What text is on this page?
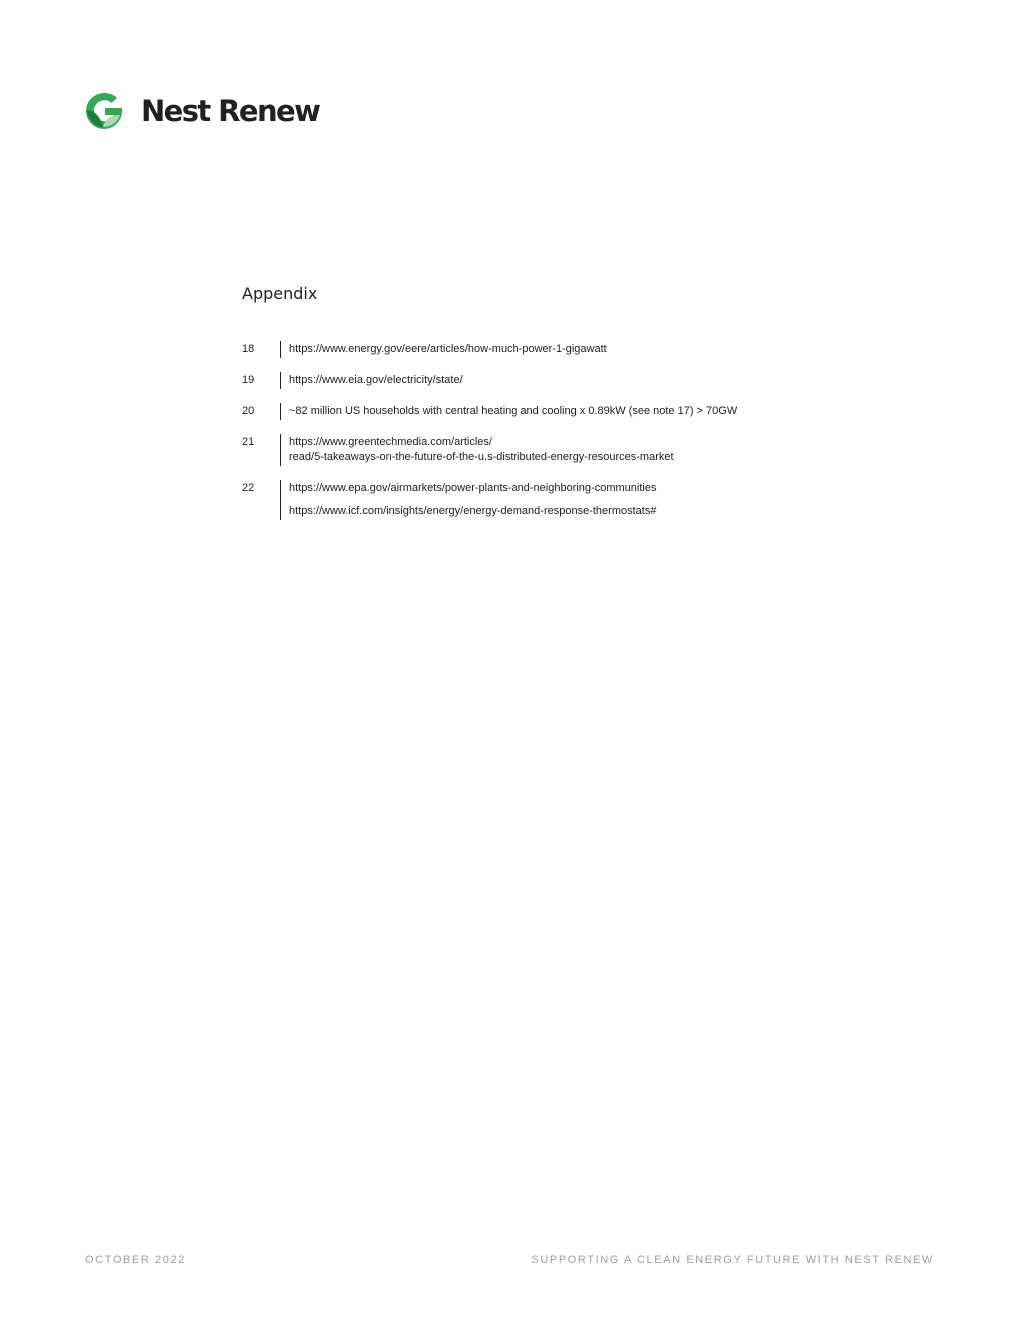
Nest Renew
Appendix
18	https://www.energy.gov/eere/articles/how-much-power-1-gigawatt
19	https://www.eia.gov/electricity/state/
20	~82 million US households with central heating and cooling x 0.89kW (see note 17) > 70GW
21	https://www.greentechmedia.com/articles/
read/5-takeaways-on-the-future-of-the-u.s-distributed-energy-resources-market
22	https://www.epa.gov/airmarkets/power-plants-and-neighboring-communities
https://www.icf.com/insights/energy/energy-demand-response-thermostats#
OCTOBER 2022	SUPPORTING A CLEAN ENERGY FUTURE WITH NEST RENEW
